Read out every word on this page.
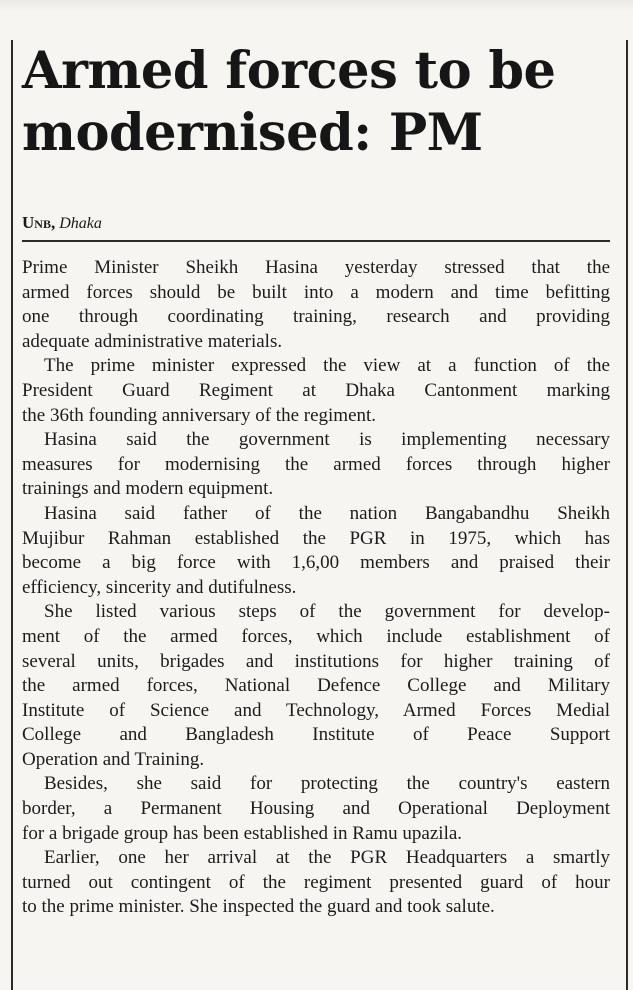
Armed forces to be
modernised: PM
Unb, Dhaka
Prime Minister Sheikh Hasina yesterday stressed that the
armed forces should be built into a modern and time befitting
one through coordinating training, research and providing
adequate administrative materials.
The prime minister expressed the view at a function of the
President Guard Regiment at Dhaka Cantonment marking
the 36th founding anniversary of the regiment.
Hasina said the government is implementing necessary
measures for modernising the armed forces through higher
trainings and modern equipment.
Hasina said father of the nation Bangabandhu Sheikh
Mujibur Rahman established the PGR in 1975, which has
become a big force with 1,6,00 members and praised their
efficiency, sincerity and dutifulness.
She listed various steps of the government for develop-
ment of the armed forces, which include establishment of
several units, brigades and institutions for higher training of
the armed forces, National Defence College and Military
Institute of Science and Technology, Armed Forces Medial
College and Bangladesh Institute of Peace Support
Operation and Training.
Besides, she said for protecting the country's eastern
border, a Permanent Housing and Operational Deployment
for a brigade group has been established in Ramu upazila.
Earlier, one her arrival at the PGR Headquarters a smartly
turned out contingent of the regiment presented guard of hour
to the prime minister. She inspected the guard and took salute.
